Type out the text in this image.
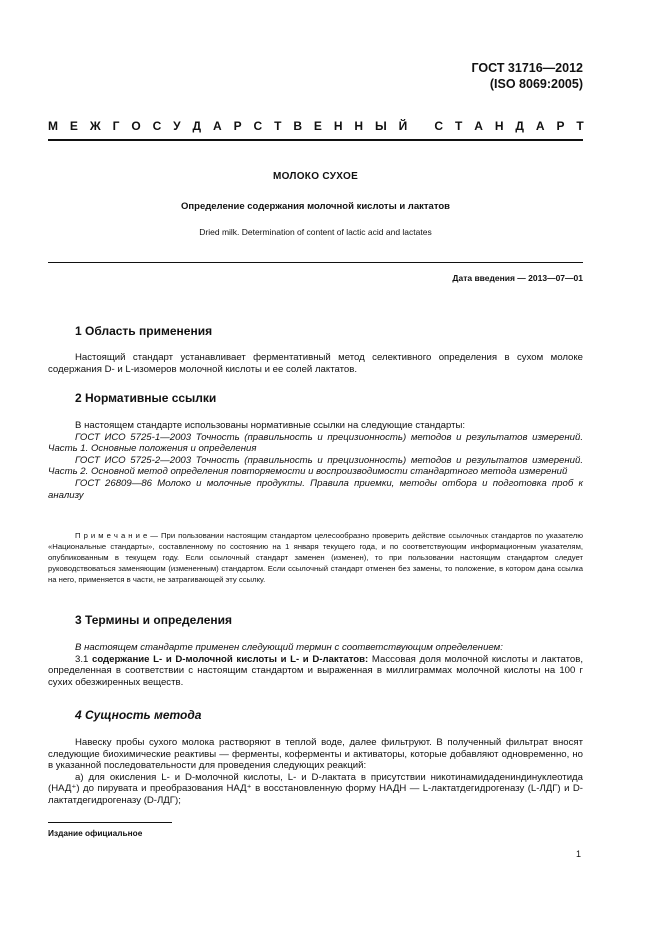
ГОСТ 31716—2012
(ISO 8069:2005)
М Е Ж Г О С У Д А Р С Т В Е Н Н Ы Й
С Т А Н Д А Р Т
МОЛОКО СУХОЕ
Определение содержания молочной кислоты и лактатов
Dried milk. Determination of content of lactic acid and lactates
Дата введения — 2013—07—01
1 Область применения
Настоящий стандарт устанавливает ферментативный метод селективного определения в сухом молоке содержания D- и L-изомеров молочной кислоты и ее солей лактатов.
2 Нормативные ссылки
В настоящем стандарте использованы нормативные ссылки на следующие стандарты:
ГОСТ ИСО 5725-1—2003 Точность (правильность и прецизионность) методов и результатов измерений. Часть 1. Основные положения и определения
ГОСТ ИСО 5725-2—2003 Точность (правильность и прецизионность) методов и результатов измерений. Часть 2. Основной метод определения повторяемости и воспроизводимости стандартного метода измерений
ГОСТ 26809—86 Молоко и молочные продукты. Правила приемки, методы отбора и подготовка проб к анализу
П р и м е ч а н и е — При пользовании настоящим стандартом целесообразно проверить действие ссылочных стандартов по указателю «Национальные стандарты», составленному по состоянию на 1 января текущего года, и по соответствующим информационным указателям, опубликованным в текущем году. Если ссылочный стандарт заменен (изменен), то при пользовании настоящим стандартом следует руководствоваться заменяющим (измененным) стандартом. Если ссылочный стандарт отменен без замены, то положение, в котором дана ссылка на него, применяется в части, не затрагивающей эту ссылку.
3 Термины и определения
В настоящем стандарте применен следующий термин с соответствующим определением:
3.1 содержание L- и D-молочной кислоты и L- и D-лактатов: Массовая доля молочной кислоты и лактатов, определенная в соответствии с настоящим стандартом и выраженная в миллиграммах молочной кислоты на 100 г сухих обезжиренных веществ.
4 Сущность метода
Навеску пробы сухого молока растворяют в теплой воде, далее фильтруют. В полученный фильтрат вносят следующие биохимические реактивы — ферменты, коферменты и активаторы, которые добавляют одновременно, но в указанной последовательности для проведения следующих реакций:
а) для окисления L- и D-молочной кислоты, L- и D-лактата в присутствии никотинамидадениндинуклеотида (НАД⁺) до пирувата и преобразования НАД⁺ в восстановленную форму НАДН — L-лактатдегидрогеназу (L-ЛДГ) и D-лактатдегидрогеназу (D-ЛДГ);
Издание официальное
1
